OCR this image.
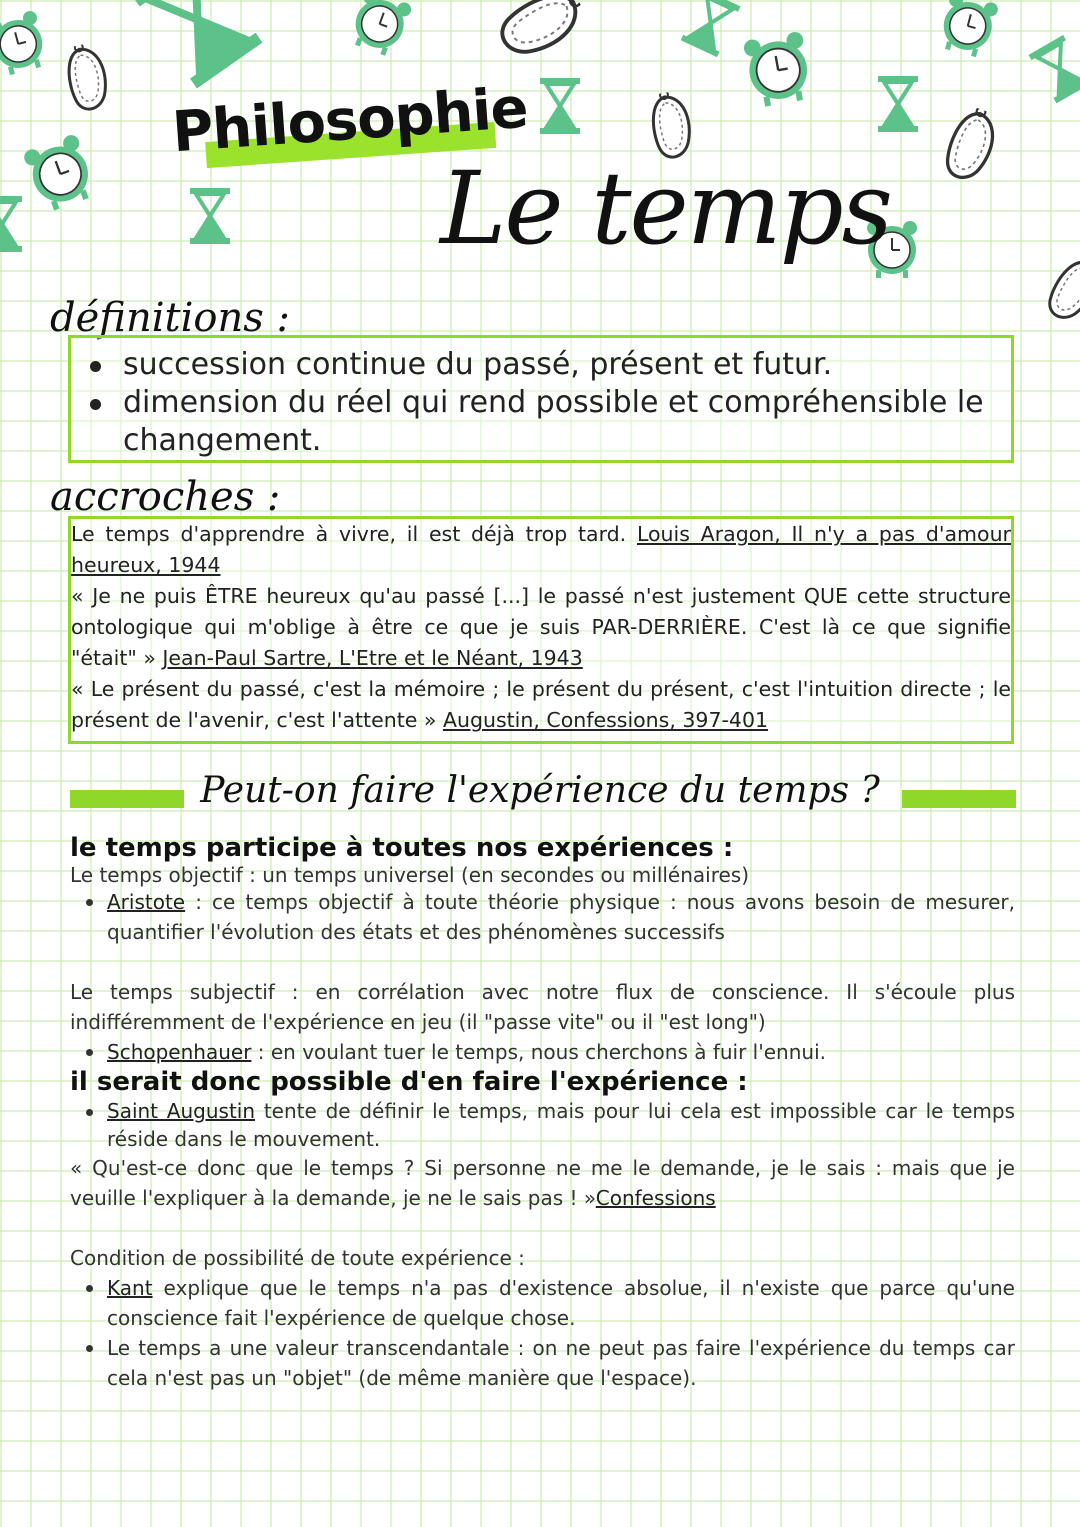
Philosophie
Le temps
définitions :
succession continue du passé, présent et futur.
dimension du réel qui rend possible et compréhensible le changement.
accroches :

Le temps d'apprendre à vivre, il est déjà trop tard. Louis Aragon, Il n'y a pas d'amour heureux, 1944

« Je ne puis ÊTRE heureux qu'au passé [...] le passé n'est justement QUE cette structure ontologique qui m'oblige à être ce que je suis PAR-DERRIÈRE. C'est là ce que signifie "était" » Jean-Paul Sartre, L'Etre et le Néant, 1943

« Le présent du passé, c'est la mémoire ; le présent du présent, c'est l'intuition directe ; le présent de l'avenir, c'est l'attente » Augustin, Confessions, 397-401

Peut-on faire l'expérience du temps ?
le temps participe à toutes nos expériences :

Le temps objectif : un temps universel (en secondes ou millénaires)

Aristote : ce temps objectif à toute théorie physique : nous avons besoin de mesurer, quantifier l'évolution des états et des phénomènes successifs

Le temps subjectif : en corrélation avec notre flux de conscience. Il s'écoule plus indifféremment de l'expérience en jeu (il "passe vite" ou il "est long")

Schopenhauer : en voulant tuer le temps, nous cherchons à fuir l'ennui.
il serait donc possible d'en faire l'expérience :
Saint Augustin tente de définir le temps, mais pour lui cela est impossible car le temps réside dans le mouvement.

« Qu'est-ce donc que le temps ? Si personne ne me le demande, je le sais : mais que je veuille l'expliquer à la demande, je ne le sais pas ! »Confessions

Condition de possibilité de toute expérience :

Kant explique que le temps n'a pas d'existence absolue, il n'existe que parce qu'une conscience fait l'expérience de quelque chose.
Le temps a une valeur transcendantale : on ne peut pas faire l'expérience du temps car cela n'est pas un "objet" (de même manière que l'espace).
